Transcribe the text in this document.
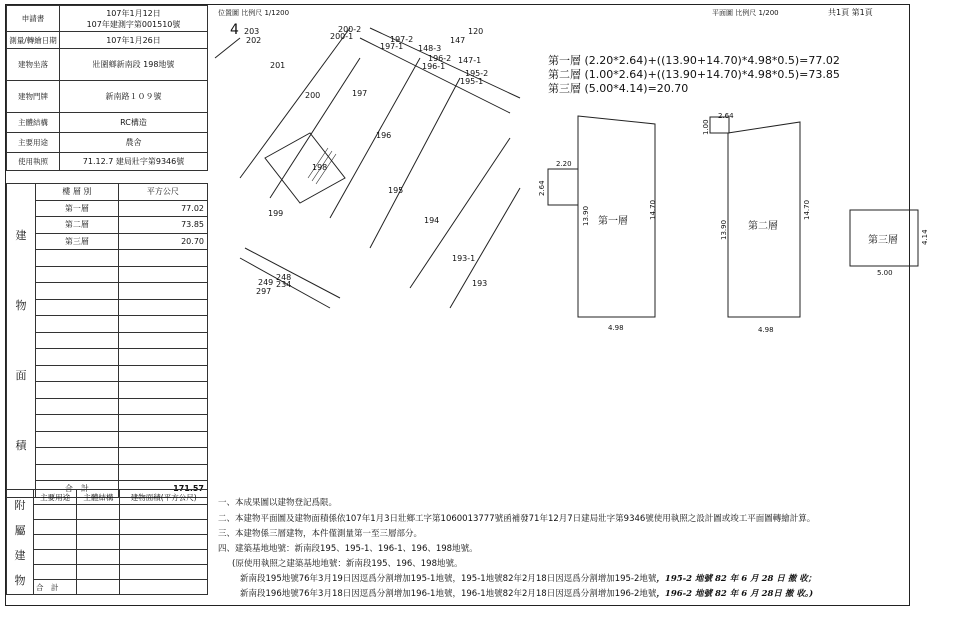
申請書	107年1月12日
107年建測字第001510號

測量/轉繪日期	107年1月26日
建物坐落	壯圍鄉新南段 198地號
建物門牌	新南路１０９號
主體結構	RC構造
主要用途	農舍
使用執照	71.12.7 建局壯字第9346號
建
物
面
積	樓 層 別	平方公尺
	第一層	77.02
	第二層	73.85
	第三層	20.70

	合　計	171.57
附
屬
建
物	主要用途	主體結構	建物面積(平方公尺)

	合　計		
位置圖 比例尺 1/1200	平面圖 比例尺 1/200	共1頁 第1頁
4 203
202
201
200	197
196
195
194
193-1
193
199
198
200-2
200-1	197-2
197-1 148-3
147
120
196-2
196-1
147-1
195-2
195-1
248
249 234
297
第一層 (2.20*2.64)+((13.90+14.70)*4.98*0.5)=77.02
第二層 (1.00*2.64)+((13.90+14.70)*4.98*0.5)=73.85
第三層 (5.00*4.14)=20.70
第一層
4.98
13.90	14.70
2.20
2.64
第二層
4.98
13.90
14.70
2.64
1.00
第三層
5.00
4.14
一、本成果圖以建物登記爲限。
二、本建物平面圖及建物面積係依107年1月3日壯鄉工字第1060013777號函補發71年12月7日建局壯字第9346號使用執照之設計圖或竣工平面圖轉繪計算。
三、本建物係三層建物，本件僅測量第一至三層部分。
四、建築基地地號：新南段195、195-1、196-1、196、198地號。
(原使用執照之建築基地地號：新南段195、196、198地號。
新南段195地號76年3月19日因逕爲分割增加195-1地號，195-1地號82年2月18日因逕爲分割增加195-2地號，195-2 地號 82 年 6 月 28 日 撤 收；
新南段196地號76年3月18日因逕爲分割增加196-1地號，196-1地號82年2月18日因逕爲分割增加196-2地號，196-2 地號 82 年 6 月 28日 撤 收。)
